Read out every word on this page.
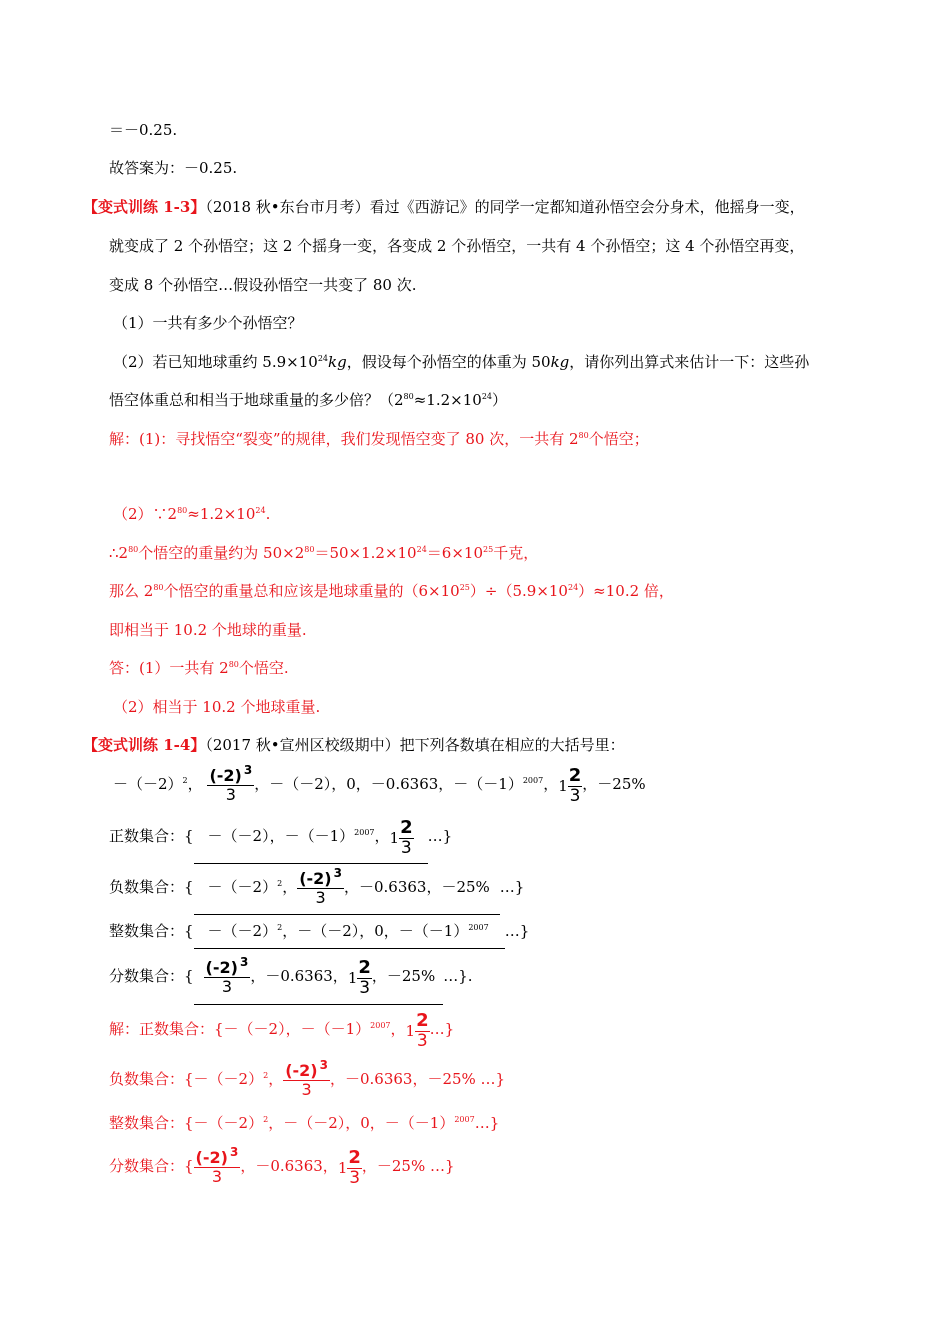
＝－0.25.
故答案为：－0.25.
【变式训练 1-3】（2018 秋•东台市月考）看过《西游记》的同学一定都知道孙悟空会分身术，他摇身一变，
就变成了 2 个孙悟空；这 2 个摇身一变，各变成 2 个孙悟空，一共有 4 个孙悟空；这 4 个孙悟空再变，
变成 8 个孙悟空…假设孙悟空一共变了 80 次.
（1）一共有多少个孙悟空？
（2）若已知地球重约 $5.9\times 10^{24}kg$，假设每个孙悟空的体重为 50kg，请你列出算式来估计一下：这些孙
悟空体重总和相当于地球重量的多少倍？$(2^{80}\approx 1.2\times 10^{24})$
解：(1)：寻找悟空“裂变”的规律，我们发现悟空变了 80 次，一共有 $2^{80}$个悟空；
$(2)\because 2^{80}\approx 1.2\times 10^{24}$.
$\therefore 2^{80}$个悟空的重量约为 $50\times 2^{80}=50\times 1.2\times 10^{24}=6\times 10^{25}$千克，
那么 $2^{80}$个悟空的重量总和应该是地球重量的$(6\times 10^{25})\div(5.9\times 10^{24})\approx 10.2$ 倍，
即相当于 10.2 个地球的重量.
答：(1）一共有 $2^{80}$个悟空.
（2）相当于 10.2 个地球重量.
【变式训练 1-4】（2017 秋•宣州区校级期中）把下列各数填在相应的大括号里：
$-(-2)^2$， $\frac{(-2) ^3}{3}$ ，－（－2），0，－0.6363，$-(-1)^{2007}$，$1 \frac{2}{3}$ ，－25%
正数集合：{ －（－2），$-(-1)^{2007}$，$1 \frac{2}{3}$ …}
负数集合：{ $-(-2)^2$， $\frac{(-2) ^3}{3}$ ，－0.6363，－25% …}
整数集合：{ $-(-2)^2$，－（－2），0，$-(-1)^{2007}$ …}
分数集合：{ $\frac{(-2) ^3}{3}$ ，－0.6363，$1 \frac{2}{3}$ ，－25% …}.
解：正数集合：{－（－2），$-(-1)^{2007}$，$1 \frac{2}{3}$ …}
负数集合：{$-(-2)^2$， $\frac{(-2) ^3}{3}$ ，－0.6363，－25% …}
整数集合：{$-(-2)^2$，－（－2），0，$-(-1)^{2007}\dots$}
分数集合：{ $\frac{(-2) ^3}{3}$ ，－0.6363，$1 \frac{2}{3}$ ，－25% …}
